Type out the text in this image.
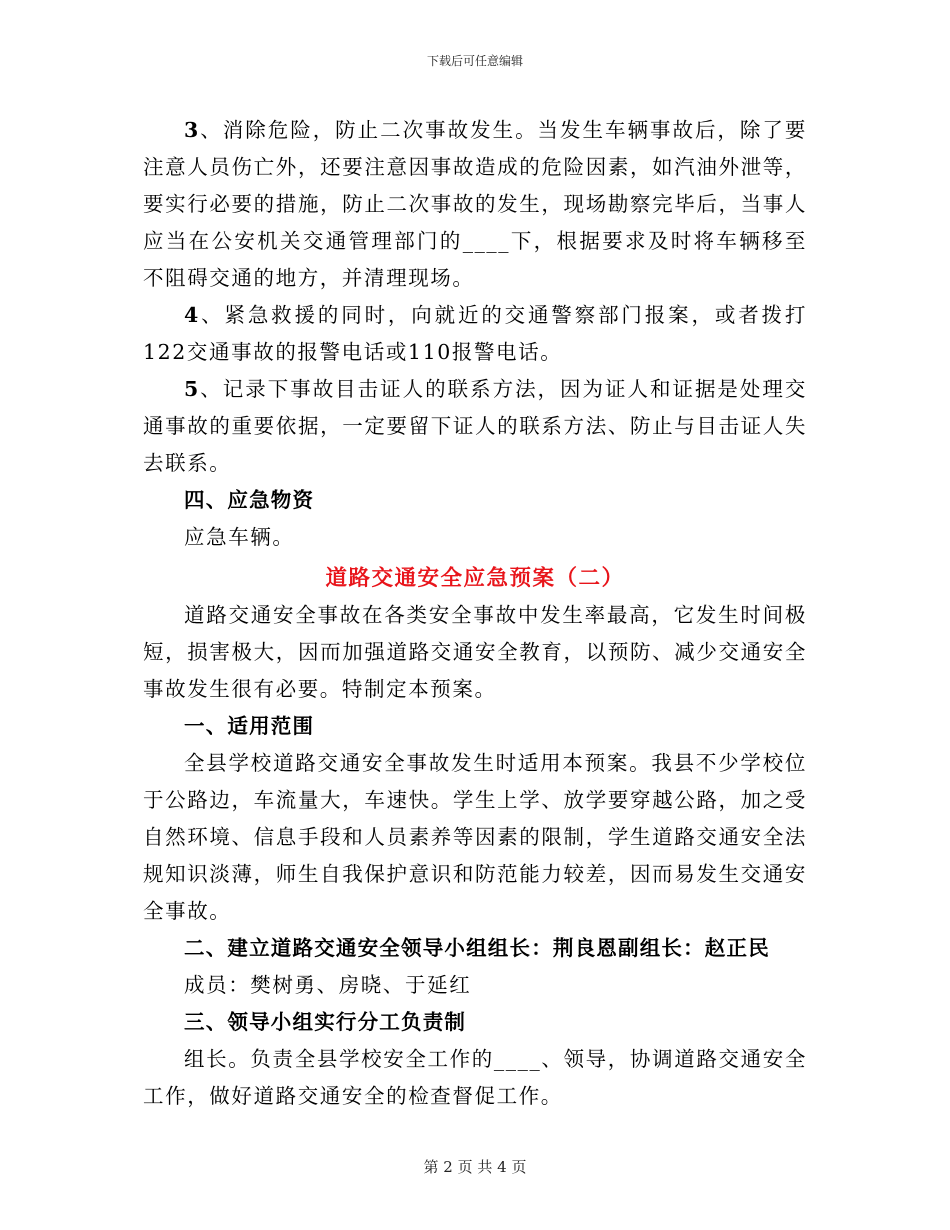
下载后可任意编辑

3、消除危险，防止二次事故发生。当发生车辆事故后，除了要注意人员伤亡外，还要注意因事故造成的危险因素，如汽油外泄等，要实行必要的措施，防止二次事故的发生，现场勘察完毕后，当事人应当在公安机关交通管理部门的____下，根据要求及时将车辆移至不阻碍交通的地方，并清理现场。

4、紧急救援的同时，向就近的交通警察部门报案，或者拨打122交通事故的报警电话或110报警电话。

5、记录下事故目击证人的联系方法，因为证人和证据是处理交通事故的重要依据，一定要留下证人的联系方法、防止与目击证人失去联系。

四、应急物资

应急车辆。

道路交通安全应急预案（二）

道路交通安全事故在各类安全事故中发生率最高，它发生时间极短，损害极大，因而加强道路交通安全教育，以预防、减少交通安全事故发生很有必要。特制定本预案。

一、适用范围

全县学校道路交通安全事故发生时适用本预案。我县不少学校位于公路边，车流量大，车速快。学生上学、放学要穿越公路，加之受自然环境、信息手段和人员素养等因素的限制，学生道路交通安全法规知识淡薄，师生自我保护意识和防范能力较差，因而易发生交通安全事故。

二、建立道路交通安全领导小组组长：荆良恩副组长：赵正民

成员：樊树勇、房晓、于延红

三、领导小组实行分工负责制

组长。负责全县学校安全工作的____、领导，协调道路交通安全工作，做好道路交通安全的检查督促工作。

第 2 页 共 4 页
